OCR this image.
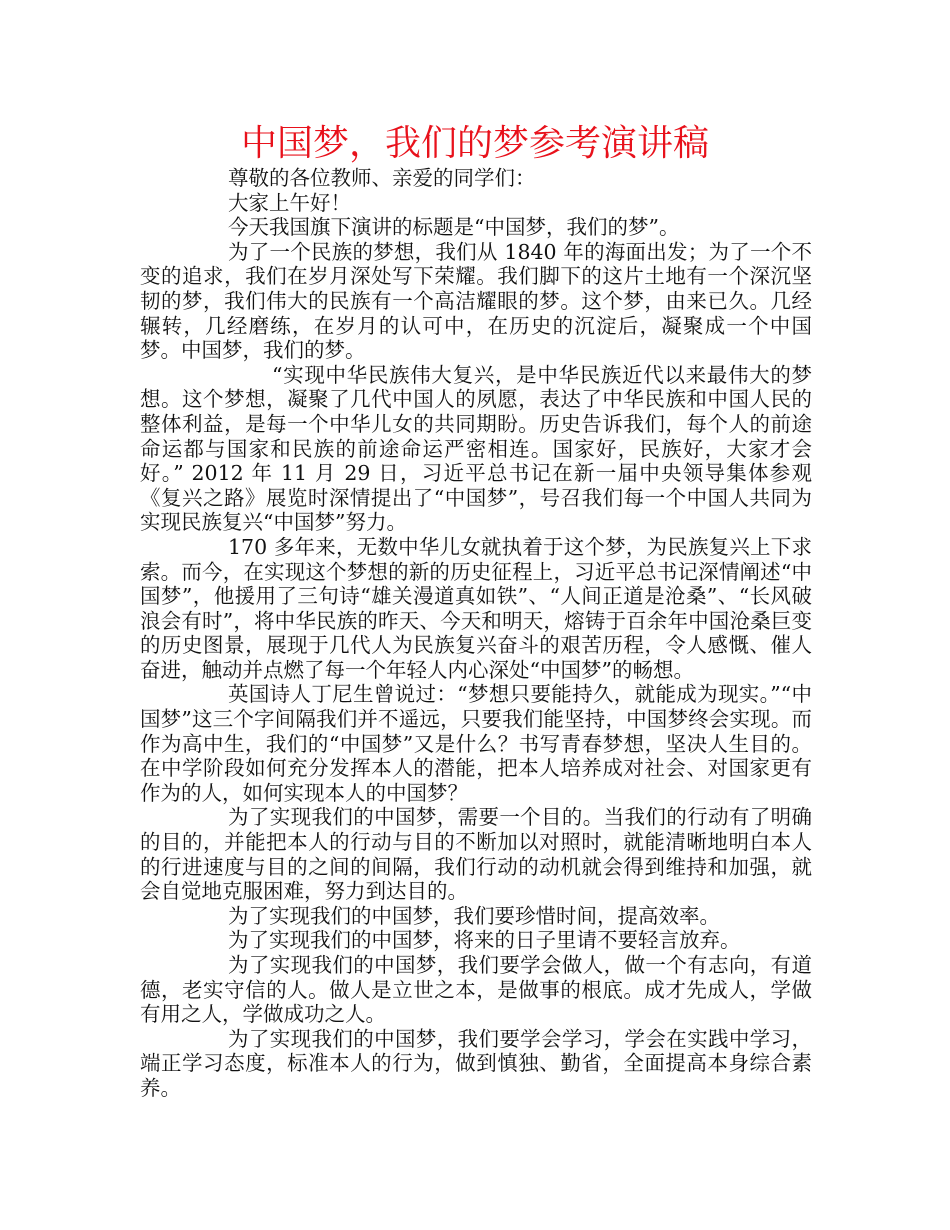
中国梦，我们的梦参考演讲稿

尊敬的各位教师、亲爱的同学们：

大家上午好！

今天我国旗下演讲的标题是“中国梦，我们的梦”。

为了一个民族的梦想，我们从 1840 年的海面出发；为了一个不变的追求，我们在岁月深处写下荣耀。我们脚下的这片土地有一个深沉坚韧的梦，我们伟大的民族有一个高洁耀眼的梦。这个梦，由来已久。几经辗转，几经磨练，在岁月的认可中，在历史的沉淀后，凝聚成一个中国梦。中国梦，我们的梦。

“实现中华民族伟大复兴，是中华民族近代以来最伟大的梦想。这个梦想，凝聚了几代中国人的夙愿，表达了中华民族和中国人民的整体利益，是每一个中华儿女的共同期盼。历史告诉我们，每个人的前途命运都与国家和民族的前途命运严密相连。国家好，民族好，大家才会好。” 2012 年 11 月 29 日，习近平总书记在新一届中央领导集体参观《复兴之路》展览时深情提出了“中国梦”，号召我们每一个中国人共同为实现民族复兴“中国梦”努力。

170 多年来，无数中华儿女就执着于这个梦，为民族复兴上下求索。而今，在实现这个梦想的新的历史征程上，习近平总书记深情阐述“中国梦”，他援用了三句诗“雄关漫道真如铁”、“人间正道是沧桑”、“长风破浪会有时”，将中华民族的昨天、今天和明天，熔铸于百余年中国沧桑巨变的历史图景，展现于几代人为民族复兴奋斗的艰苦历程，令人感慨、催人奋进，触动并点燃了每一个年轻人内心深处“中国梦”的畅想。

英国诗人丁尼生曾说过：“梦想只要能持久，就能成为现实。”“中国梦”这三个字间隔我们并不遥远，只要我们能坚持，中国梦终会实现。而作为高中生，我们的“中国梦”又是什么？书写青春梦想，坚决人生目的。在中学阶段如何充分发挥本人的潜能，把本人培养成对社会、对国家更有作为的人，如何实现本人的中国梦？

为了实现我们的中国梦，需要一个目的。当我们的行动有了明确的目的，并能把本人的行动与目的不断加以对照时，就能清晰地明白本人的行进速度与目的之间的间隔，我们行动的动机就会得到维持和加强，就会自觉地克服困难，努力到达目的。

为了实现我们的中国梦，我们要珍惜时间，提高效率。

为了实现我们的中国梦，将来的日子里请不要轻言放弃。

为了实现我们的中国梦，我们要学会做人，做一个有志向，有道德，老实守信的人。做人是立世之本，是做事的根底。成才先成人，学做有用之人，学做成功之人。

为了实现我们的中国梦，我们要学会学习，学会在实践中学习，端正学习态度，标准本人的行为，做到慎独、勤省，全面提高本身综合素养。
